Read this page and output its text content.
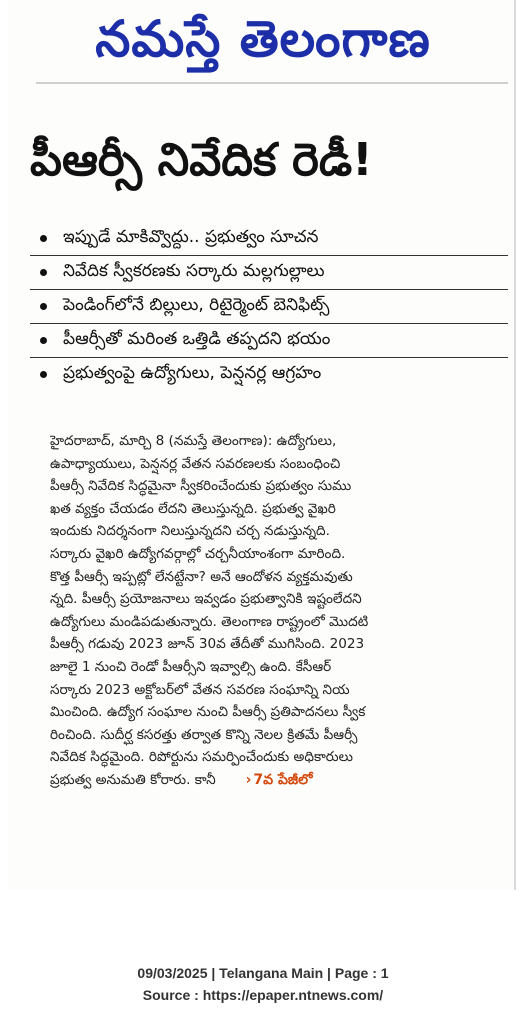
నమస్తే తెలంగాణ
పీఆర్సీ నివేదిక రెడీ!
ఇప్పుడే మాకివ్వొద్దు.. ప్రభుత్వం సూచన
నివేదిక స్వీకరణకు సర్కారు మల్లగుల్లాలు
పెండింగ్‌లోనే బిల్లులు, రిటైర్మెంట్ బెనిఫిట్స్
పీఆర్సీతో మరింత ఒత్తిడి తప్పదని భయం
ప్రభుత్వంపై ఉద్యోగులు, పెన్షనర్ల ఆగ్రహం
హైదరాబాద్, మార్చి 8 (నమస్తే తెలంగాణ): ఉద్యోగులు,
ఉపాధ్యాయులు, పెన్షనర్ల వేతన సవరణలకు సంబంధించి
పీఆర్సీ నివేదిక సిద్ధమైనా స్వీకరించేందుకు ప్రభుత్వం సుము
ఖత వ్యక్తం చేయడం లేదని తెలుస్తున్నది. ప్రభుత్వ వైఖరి
ఇందుకు నిదర్శనంగా నిలుస్తున్నదని చర్చ నడుస్తున్నది.
సర్కారు వైఖరి ఉద్యోగవర్గాల్లో చర్చనీయాంశంగా మారింది.
కొత్త పీఆర్సీ ఇప్పట్లో లేనట్టేనా? అనే ఆందోళన వ్యక్తమవుతు
న్నది. పీఆర్సీ ప్రయోజనాలు ఇవ్వడం ప్రభుత్వానికి ఇష్టంలేదని
ఉద్యోగులు మండిపడుతున్నారు. తెలంగాణ రాష్ట్రంలో మొదటి
పీఆర్సీ గడువు 2023 జూన్ 30వ తేదీతో ముగిసింది. 2023
జూలై 1 నుంచి రెండో పీఆర్సీని ఇవ్వాల్సి ఉంది. కేసీఆర్
సర్కారు 2023 అక్టోబర్‌లో వేతన సవరణ సంఘాన్ని నియ
మించింది. ఉద్యోగ సంఘాల నుంచి పీఆర్సీ ప్రతిపాదనలు స్వీక
రించింది. సుదీర్ఘ కసరత్తు తర్వాత కొన్ని నెలల క్రితమే పీఆర్సీ
నివేదిక సిద్ధమైంది. రిపోర్టును సమర్పించేందుకు అధికారులు
ప్రభుత్వ అనుమతి కోరారు. కానీ › 7వ పేజీలో
09/03/2025 | Telangana Main | Page : 1
Source : https://epaper.ntnews.com/
